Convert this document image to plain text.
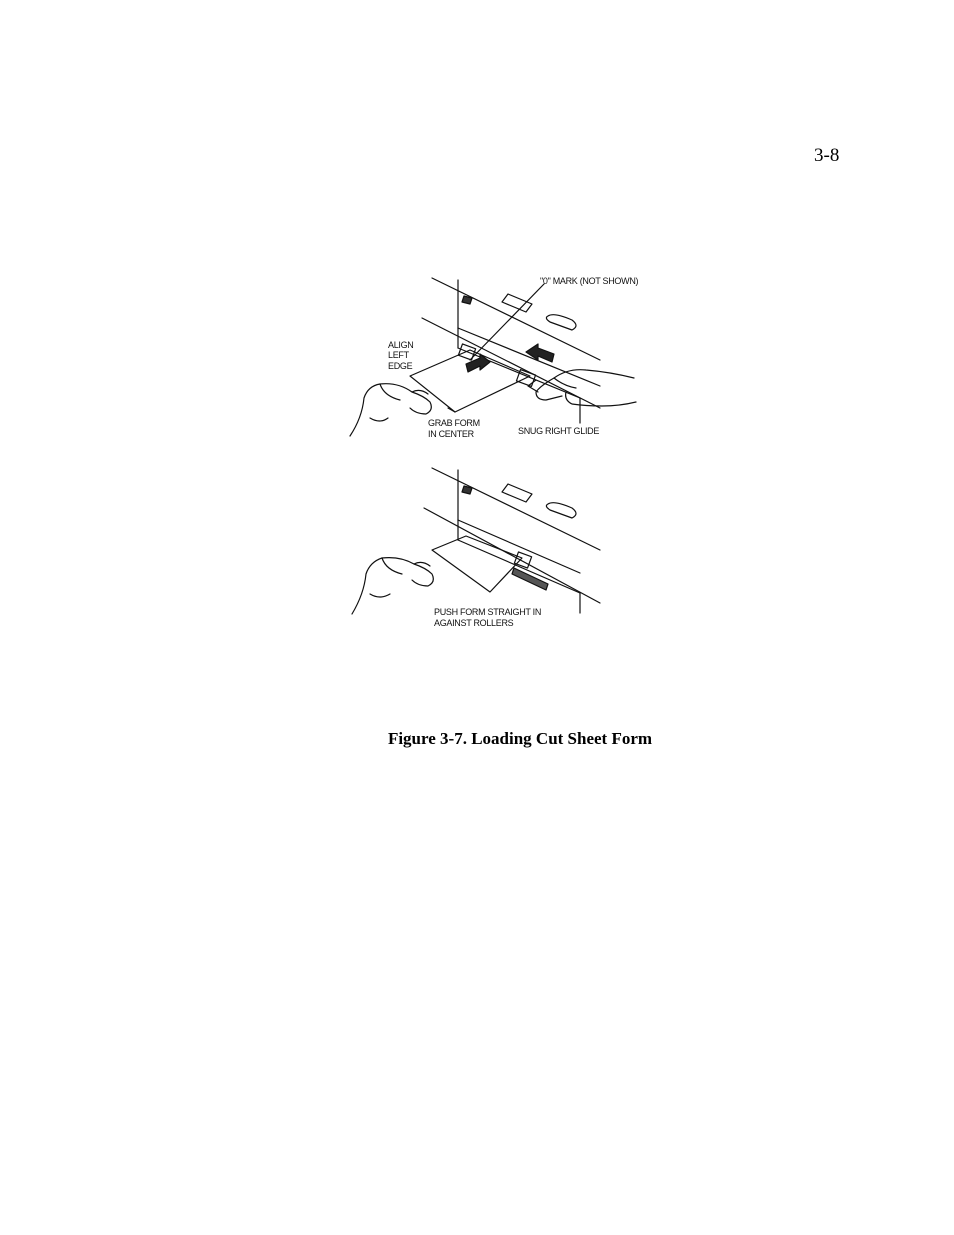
3-8
"0" MARK (NOT SHOWN)
ALIGN
LEFT
EDGE
GRAB FORM
IN CENTER	SNUG RIGHT GLIDE
PUSH FORM STRAIGHT IN
AGAINST ROLLERS
Figure 3-7. Loading Cut Sheet Form
